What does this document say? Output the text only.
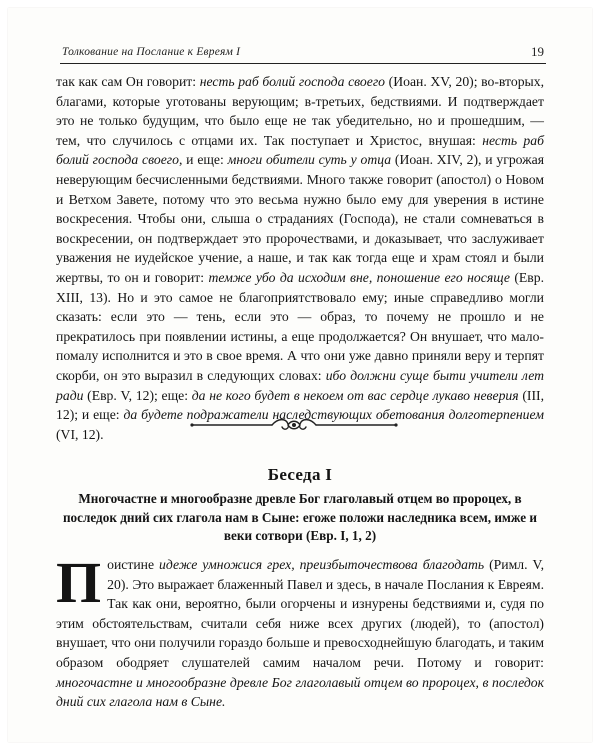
Толкование на Послание к Евреям I	19
так как сам Он говорит: несть раб болий господа своего (Иоан. XV, 20); во-вторых, благами, которые уготованы верующим; в-третьих, бедствиями. И подтверждает это не только будущим, что было еще не так убедительно, но и прошедшим, — тем, что случилось с отцами их. Так поступает и Христос, внушая: несть раб болий господа своего, и еще: многи обители суть у отца (Иоан. XIV, 2), и угрожая неверующим бесчисленными бедствиями. Много также говорит (апостол) о Новом и Ветхом Завете, потому что это весьма нужно было ему для уверения в истине воскресения. Чтобы они, слыша о страданиях (Господа), не стали сомневаться в воскресении, он подтверждает это пророчествами, и доказывает, что заслуживает уважения не иудейское учение, а наше, и так как тогда еще и храм стоял и были жертвы, то он и говорит: темже убо да исходим вне, поношение его носяще (Евр. XIII, 13). Но и это самое не благоприятствовало ему; иные справедливо могли сказать: если это — тень, если это — образ, то почему не прошло и не прекратилось при появлении истины, а еще продолжается? Он внушает, что мало-помалу исполнится и это в свое время. А что они уже давно приняли веру и терпят скорби, он это выразил в следующих словах: ибо должни суще быти учители лет ради (Евр. V, 12); еще: да не кого будет в некоем от вас сердце лукаво неверия (III, 12); и еще: да будете подражатели наследствующих обетования долготерпением (VI, 12).
Беседа I
Многочастне и многообразне древле Бог глаголавый отцем во пророцех, в последок дний сих глагола нам в Сыне: егоже положи наследника всем, имже и веки сотвори (Евр. I, 1, 2)
Поистине идеже умножися грех, преизбыточествова благодать (Римл. V, 20). Это выражает блаженный Павел и здесь, в начале Послания к Евреям. Так как они, вероятно, были огорчены и изнурены бедствиями и, судя по этим обстоятельствам, считали себя ниже всех других (людей), то (апостол) внушает, что они получили гораздо больше и превосходнейшую благодать, и таким образом ободряет слушателей самим началом речи. Потому и говорит: многочастне и многообразне древле Бог глаголавый отцем во пророцех, в последок дний сих глагола нам в Сыне.
